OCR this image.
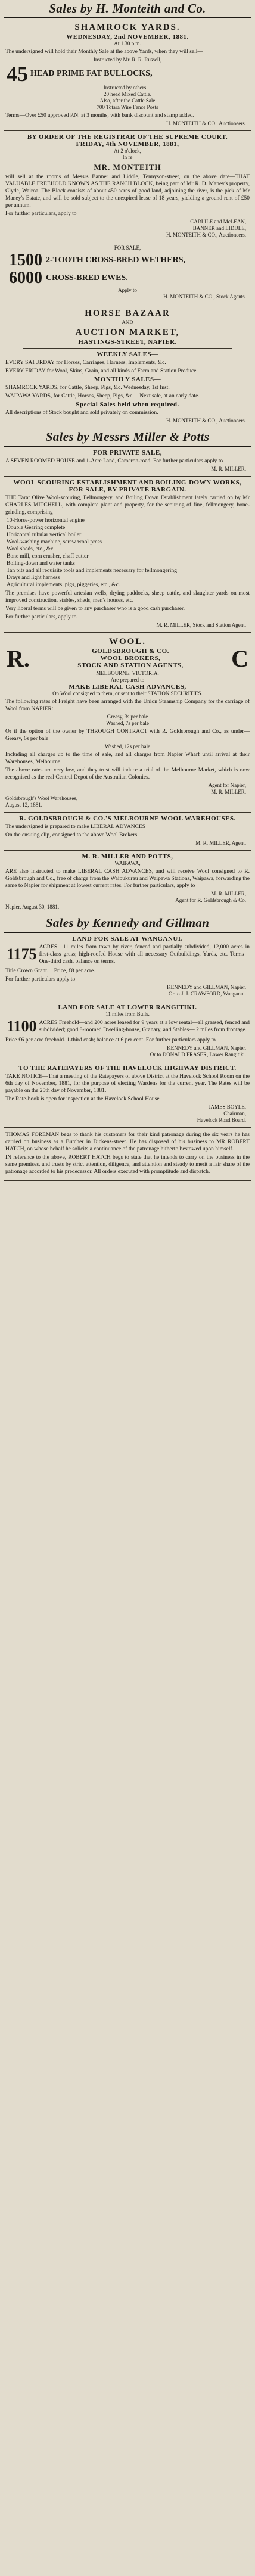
Sales by H. Monteith and Co.
SHAMROCK YARDS.
WEDNESDAY, 2nd NOVEMBER, 1881.
At 1.30 p.m.
The undersigned will hold their Monthly Sale at the above Yards, when they will sell—
Instructed by Mr. R. R. Russell,
45 HEAD PRIME FAT BULLOCKS,
Instructed by others—
20 head Mixed Cattle.
Also, after the Cattle Sale
700 Totara Wire Fence Posts
Terms—Over £50 approved P.N. at 3 months, with bank discount and stamp added.
H. MONTEITH & CO., Auctioneers.
BY ORDER OF THE REGISTRAR OF THE SUPREME COURT.
FRIDAY, 4th NOVEMBER, 1881,
At 2 o'clock,
In re
MR. MONTEITH
will sell at the rooms of Messrs Banner and Liddle, Tennyson-street, on the above date—THAT VALUABLE FREEHOLD KNOWN AS THE RANCH BLOCK, being part of Mr R. D. Maney's property, Clyde, Wairoa. The Block consists of about 450 acres of good land, adjoining the river, is the pick of Mr Maney's Estate, and will be sold subject to the unexpired lease of 18 years, yielding a ground rent of £50 per annum.
For further particulars, apply to
CARLILE and McLEAN,
BANNER and LIDDLE,
H. MONTEITH & CO., Auctioneers.
FOR SALE,
1500 2-TOOTH CROSS-BRED WETHERS,
6000 CROSS-BRED EWES.
Apply to
H. MONTEITH & CO., Stock Agents.
HORSE BAZAAR
AND
AUCTION MARKET,
HASTINGS-STREET, NAPIER.
WEEKLY SALES—
EVERY SATURDAY for Horses, Carriages, Harness, Implements, &c.
EVERY FRIDAY for Wool, Skins, Grain, and all kinds of Farm and Station Produce.
MONTHLY SALES—
SHAMROCK YARDS, for Cattle, Sheep, Pigs, &c. Wednesday, 1st Inst.
WAIPAWA YARDS, for Cattle, Horses, Sheep, Pigs, &c.—Next sale, at an early date.
Special Sales held when required.
All descriptions of Stock bought and sold privately on commission.
H. MONTEITH & CO., Auctioneers.
Sales by Messrs Miller & Potts
FOR PRIVATE SALE,
A SEVEN ROOMED HOUSE and 1-Acre Land, Cameron-road. For further particulars apply to
M. R. MILLER.
WOOL SCOURING ESTABLISHMENT AND BOILING-DOWN WORKS, FOR SALE, BY PRIVATE BARGAIN.
THE Tarat Olive Wool-scouring, Fellmongery, and Boiling Down Establishment lately carried on by Mr CHARLES MITCHELL, with complete plant and property, for the scouring of fine, fellmongery, bone-grinding, comprising—
10-Horse-power horizontal engine
Double Gearing complete
Horizontal tubular vertical boiler
Wool-washing machine, screw wool press
Wool sheds, etc., &c.
Bone mill, corn crusher, chaff cutter
Boiling-down and water tanks
Tan pits and all requisite tools and implements necessary for fellmongering
Drays and light harness
Agricultural implements, pigs, piggeries, etc., &c.
The premises have powerful artesian wells, drying paddocks, sheep cattle, and slaughter yards on most improved construction, stables, sheds, men's houses, etc.
Very liberal terms will be given to any purchaser who is a good cash purchaser.
For further particulars, apply to
M. R. MILLER, Stock and Station Agent.
WOOL.
R.	C
GOLDSBROUGH & CO.
WOOL BROKERS,
STOCK AND STATION AGENTS,
MELBOURNE, VICTORIA.
Are prepared to
MAKE LIBERAL CASH ADVANCES,
On Wool consigned to them, or sent to their STATION SECURITIES.
The following rates of Freight have been arranged with the Union Steamship Company for the carriage of Wool from NAPIER:
Greasy, 3s per bale
Washed, 7s per bale
Or if the option of the owner by THROUGH CONTRACT with R. Goldsbrough and Co., as under— Greasy, 6s per bale
Washed, 12s per bale
Including all charges up to the time of sale, and all charges from Napier Wharf until arrival at their Warehouses, Melbourne.
The above rates are very low, and they trust will induce a trial of the Melbourne Market, which is now recognised as the real Central Depot of the Australian Colonies.
Agent for Napier,
M. R. MILLER.
Goldsbrough's Wool Warehouses,
August 12, 1881.
R. GOLDSBROUGH & CO.'S MELBOURNE WOOL WAREHOUSES.
The undersigned is prepared to make LIBERAL ADVANCES
On the ensuing clip, consigned to the above Wool Brokers.
M. R. MILLER, Agent.
M. R. MILLER AND POTTS,
WAIPAWA,
ARE also instructed to make LIBERAL CASH ADVANCES, and will receive Wool consigned to R. Goldsbrough and Co., free of charge from the Waipukurau and Waipawa Stations, Waipawa, forwarding the same to Napier for shipment at lowest current rates. For further particulars, apply to
M. R. MILLER,
Agent for R. Goldsbrough & Co.
Napier, August 30, 1881.
Sales by Kennedy and Gillman
LAND FOR SALE AT WANGANUI.
1175 ACRES—11 miles from town by river, fenced and partially subdivided, 12,000 acres in first-class grass; high-roofed House with all necessary Outbuildings, Yards, etc. Terms— One-third cash, balance on terms.
Title Crown Grant. Price, £8 per acre.
For further particulars apply to
KENNEDY and GILLMAN, Napier.
Or to J. J. CRAWFORD, Wanganui.
LAND FOR SALE AT LOWER RANGITIKI.
11 miles from Bulls.
1100 ACRES Freehold—and 200 acres leased for 9 years at a low rental—all grassed, fenced and subdivided; good 8-roomed Dwelling-house, Granary, and Stables— 2 miles from frontage.
Price £6 per acre freehold. 1-third cash; balance at 6 per cent. For further particulars apply to
KENNEDY and GILLMAN, Napier.
Or to DONALD FRASER, Lower Rangitiki.
TO THE RATEPAYERS OF THE HAVELOCK HIGHWAY DISTRICT.
TAKE NOTICE—That a meeting of the Ratepayers of above District at the Havelock School Room on the 6th day of November, 1881, for the purpose of electing Wardens for the current year. The Rates will be payable on the 25th day of November, 1881.
The Rate-book is open for inspection at the Havelock School House.
JAMES BOYLE,
Chairman,
Havelock Road Board.
THOMAS FOREMAN begs to thank his customers for their kind patronage during the six years he has carried on business as a Butcher in Dickens-street. He has disposed of his business to MR ROBERT HATCH, on whose behalf he solicits a continuance of the patronage hitherto bestowed upon himself.
IN reference to the above, ROBERT HATCH begs to state that he intends to carry on the business in the same premises, and trusts by strict attention, diligence, and attention and steady to merit a fair share of the patronage accorded to his predecessor. All orders executed with promptitude and dispatch.
